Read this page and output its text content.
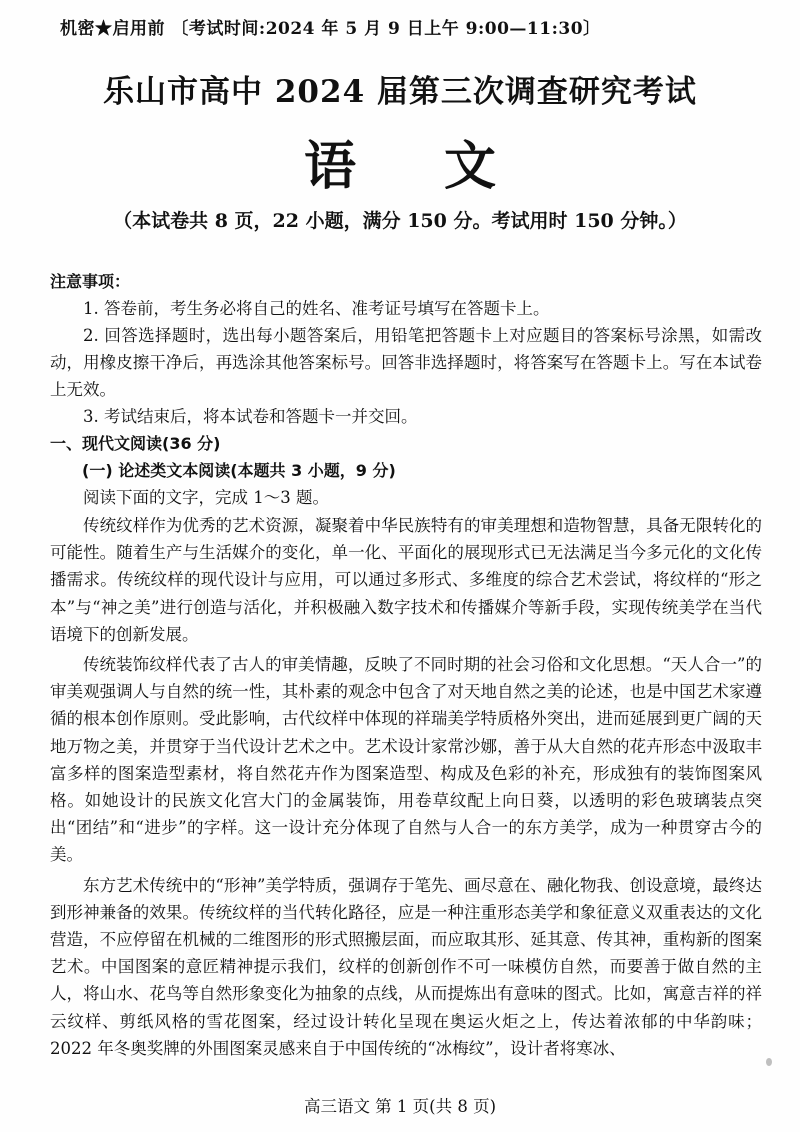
机密★启用前 〔考试时间:2024 年 5 月 9 日上午 9:00—11:30〕
乐山市高中 2024 届第三次调查研究考试
语文
（本试卷共 8 页，22 小题，满分 150 分。考试用时 150 分钟。）
注意事项：

1. 答卷前，考生务必将自己的姓名、准考证号填写在答题卡上。

2. 回答选择题时，选出每小题答案后，用铅笔把答题卡上对应题目的答案标号涂黑，如需改动，用橡皮擦干净后，再选涂其他答案标号。回答非选择题时，将答案写在答题卡上。写在本试卷上无效。

3. 考试结束后，将本试卷和答题卡一并交回。

一、现代文阅读(36 分)

(一) 论述类文本阅读(本题共 3 小题，9 分)

阅读下面的文字，完成 1～3 题。

传统纹样作为优秀的艺术资源，凝聚着中华民族特有的审美理想和造物智慧，具备无限转化的可能性。随着生产与生活媒介的变化，单一化、平面化的展现形式已无法满足当今多元化的文化传播需求。传统纹样的现代设计与应用，可以通过多形式、多维度的综合艺术尝试，将纹样的“形之本”与“神之美”进行创造与活化，并积极融入数字技术和传播媒介等新手段，实现传统美学在当代语境下的创新发展。

传统装饰纹样代表了古人的审美情趣，反映了不同时期的社会习俗和文化思想。“天人合一”的审美观强调人与自然的统一性，其朴素的观念中包含了对天地自然之美的论述，也是中国艺术家遵循的根本创作原则。受此影响，古代纹样中体现的祥瑞美学特质格外突出，进而延展到更广阔的天地万物之美，并贯穿于当代设计艺术之中。艺术设计家常沙娜，善于从大自然的花卉形态中汲取丰富多样的图案造型素材，将自然花卉作为图案造型、构成及色彩的补充，形成独有的装饰图案风格。如她设计的民族文化宫大门的金属装饰，用卷草纹配上向日葵，以透明的彩色玻璃装点突出“团结”和“进步”的字样。这一设计充分体现了自然与人合一的东方美学，成为一种贯穿古今的美。

东方艺术传统中的“形神”美学特质，强调存于笔先、画尽意在、融化物我、创设意境，最终达到形神兼备的效果。传统纹样的当代转化路径，应是一种注重形态美学和象征意义双重表达的文化营造，不应停留在机械的二维图形的形式照搬层面，而应取其形、延其意、传其神，重构新的图案艺术。中国图案的意匠精神提示我们，纹样的创新创作不可一味模仿自然，而要善于做自然的主人，将山水、花鸟等自然形象变化为抽象的点线，从而提炼出有意味的图式。比如，寓意吉祥的祥云纹样、剪纸风格的雪花图案，经过设计转化呈现在奥运火炬之上，传达着浓郁的中华韵味；2022 年冬奥奖牌的外围图案灵感来自于中国传统的“冰梅纹”，设计者将寒冰、

高三语文 第 1 页(共 8 页)
